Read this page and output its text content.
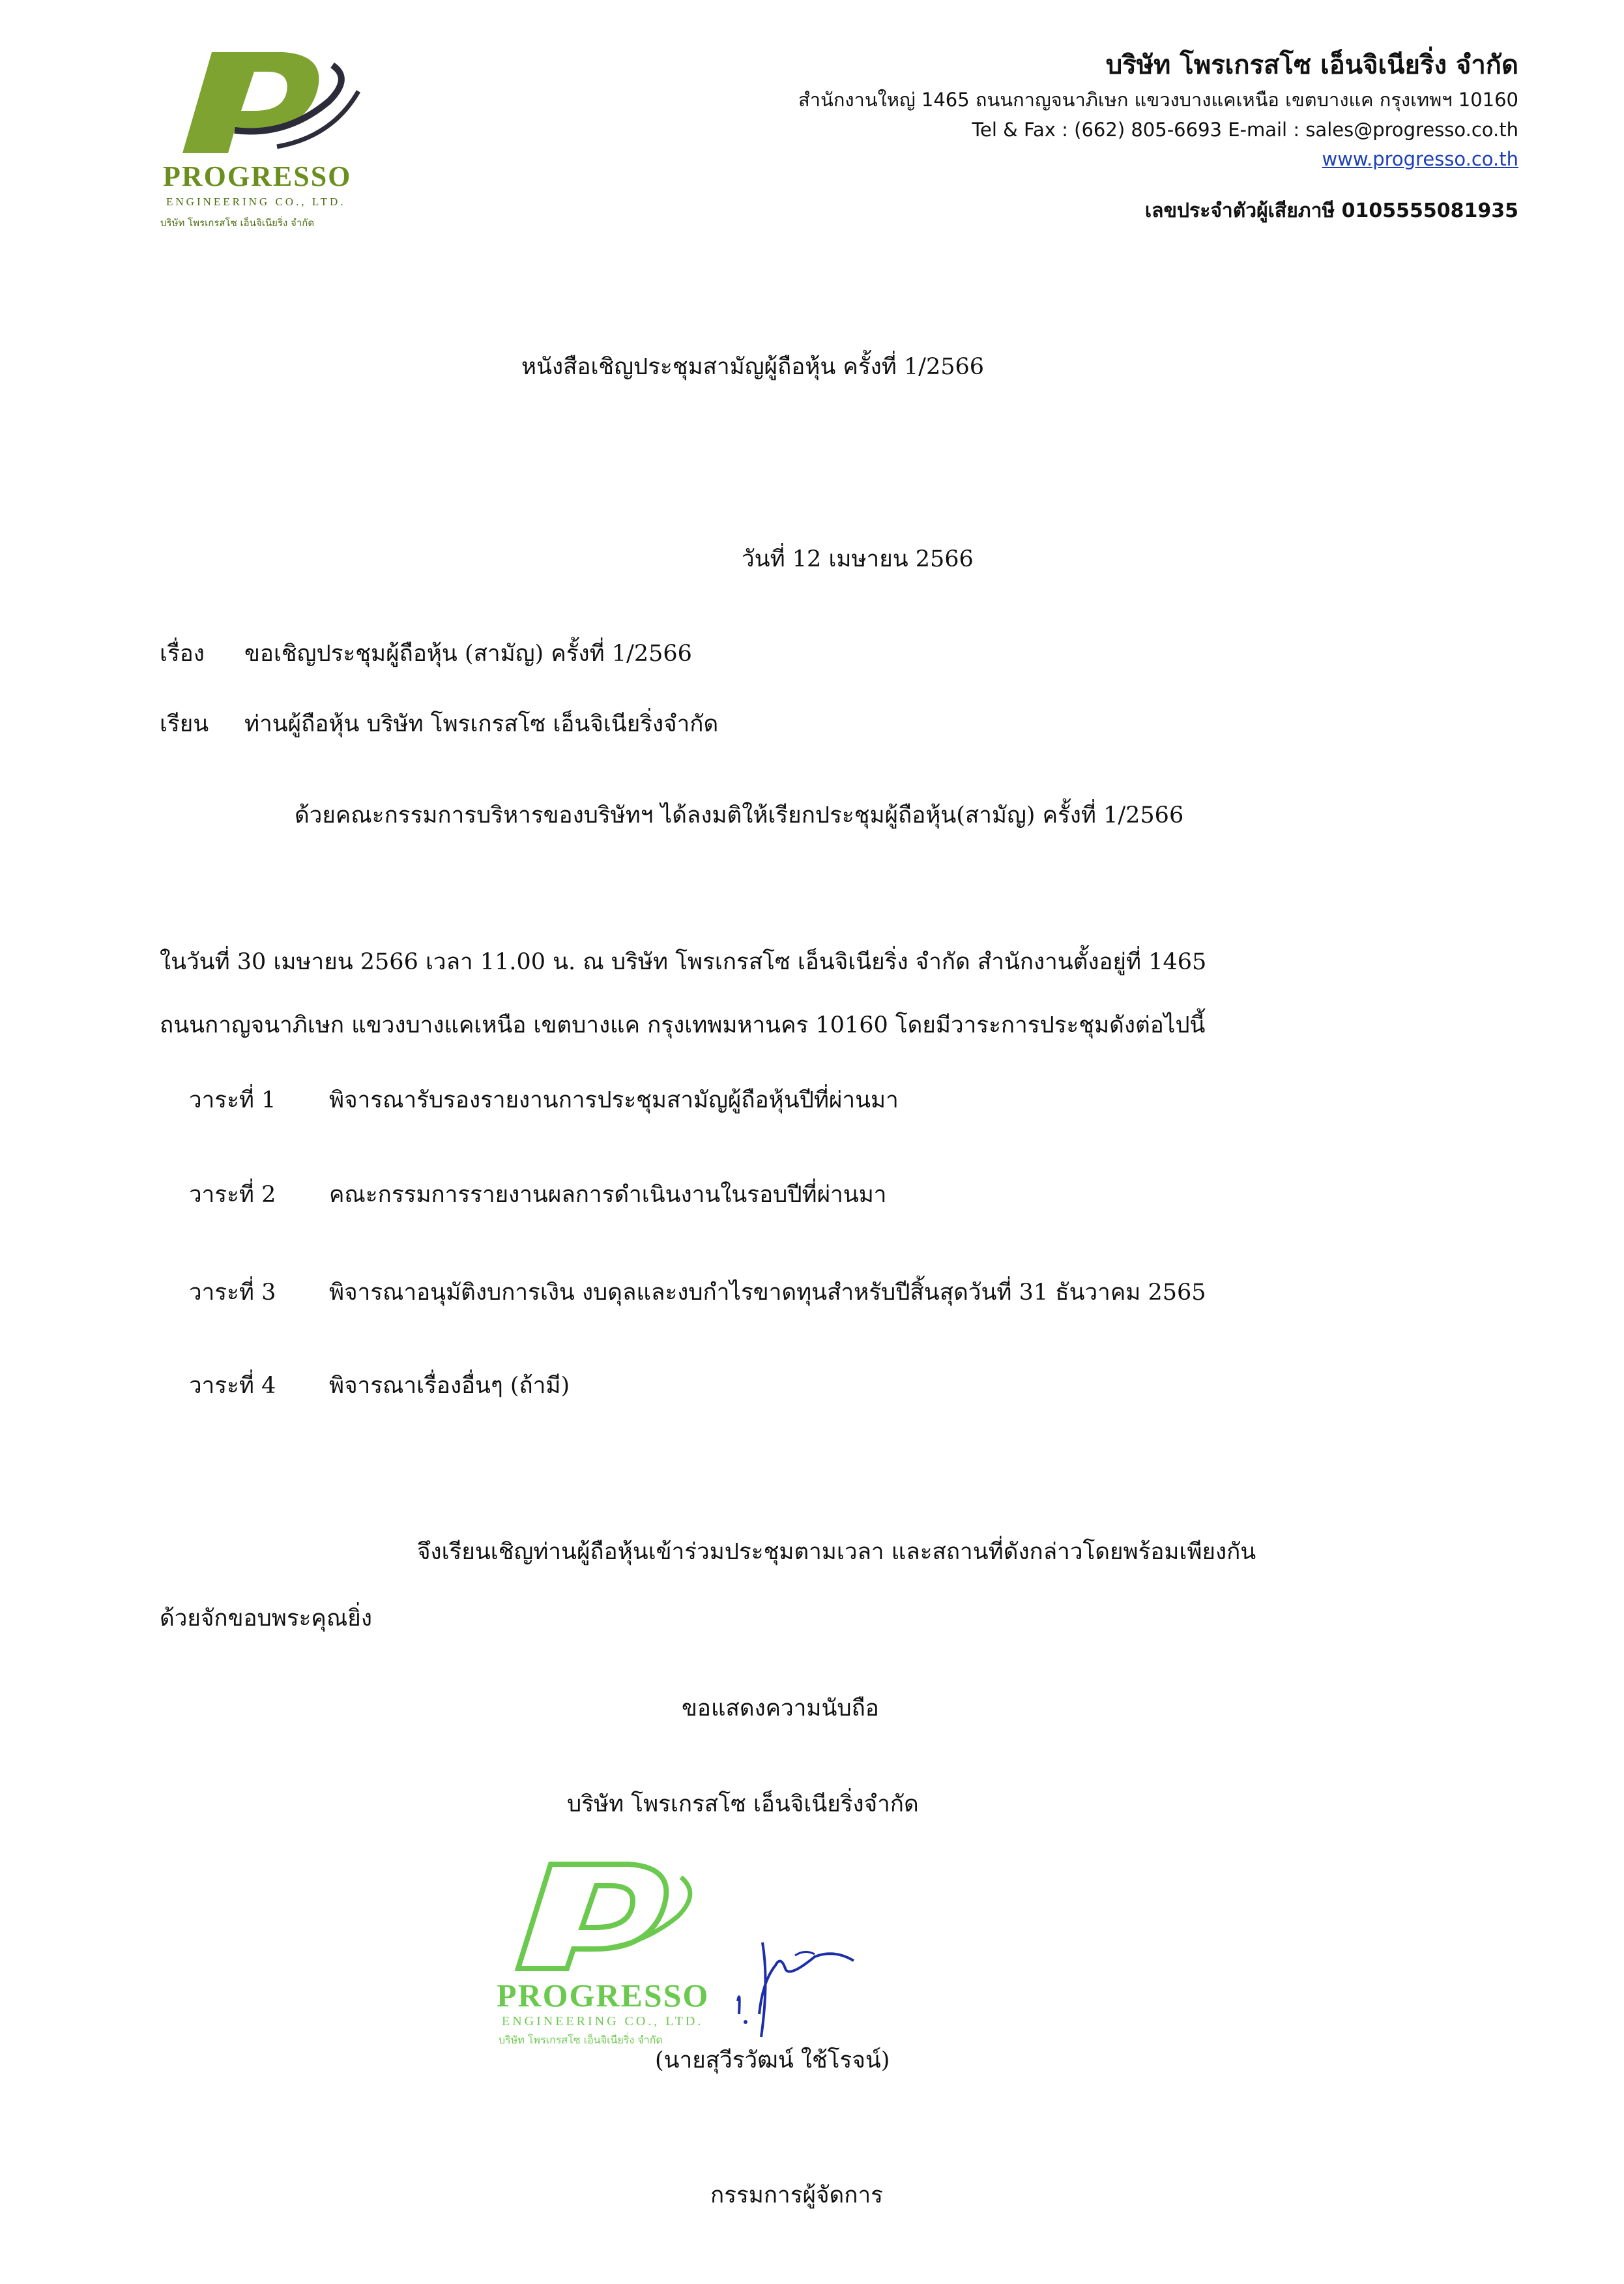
PROGRESSO
ENGINEERING CO., LTD.
บริษัท โพรเกรสโซ เอ็นจิเนียริ่ง จำกัด
บริษัท โพรเกรสโซ เอ็นจิเนียริ่ง จำกัด
สำนักงานใหญ่ 1465 ถนนกาญจนาภิเษก แขวงบางแคเหนือ เขตบางแค กรุงเทพฯ 10160
Tel & Fax : (662) 805-6693 E-mail : sales@progresso.co.th
www.progresso.co.th
เลขประจำตัวผู้เสียภาษี 0105555081935
หนังสือเชิญประชุมสามัญผู้ถือหุ้น ครั้งที่ 1/2566
วันที่ 12 เมษายน 2566
เรื่อง ขอเชิญประชุมผู้ถือหุ้น (สามัญ) ครั้งที่ 1/2566
เรียน ท่านผู้ถือหุ้น บริษัท โพรเกรสโซ เอ็นจิเนียริ่งจำกัด
ด้วยคณะกรรมการบริหารของบริษัทฯ ได้ลงมติให้เรียกประชุมผู้ถือหุ้น(สามัญ) ครั้งที่ 1/2566
ในวันที่ 30 เมษายน 2566 เวลา 11.00 น. ณ บริษัท โพรเกรสโซ เอ็นจิเนียริ่ง จำกัด สำนักงานตั้งอยู่ที่ 1465
ถนนกาญจนาภิเษก แขวงบางแคเหนือ เขตบางแค กรุงเทพมหานคร 10160 โดยมีวาระการประชุมดังต่อไปนี้
วาระที่ 1 พิจารณารับรองรายงานการประชุมสามัญผู้ถือหุ้นปีที่ผ่านมา
วาระที่ 2 คณะกรรมการรายงานผลการดำเนินงานในรอบปีที่ผ่านมา
วาระที่ 3 พิจารณาอนุมัติงบการเงิน งบดุลและงบกำไรขาดทุนสำหรับปีสิ้นสุดวันที่ 31 ธันวาคม 2565
วาระที่ 4 พิจารณาเรื่องอื่นๆ (ถ้ามี)
จึงเรียนเชิญท่านผู้ถือหุ้นเข้าร่วมประชุมตามเวลา และสถานที่ดังกล่าวโดยพร้อมเพียงกัน
ด้วยจักขอบพระคุณยิ่ง
ขอแสดงความนับถือ
บริษัท โพรเกรสโซ เอ็นจิเนียริ่งจำกัด
PROGRESSO
ENGINEERING CO., LTD.
บริษัท โพรเกรสโซ เอ็นจิเนียริ่ง จำกัด
(นายสุวีรวัฒน์ ใช้โรจน์)
กรรมการผู้จัดการ
